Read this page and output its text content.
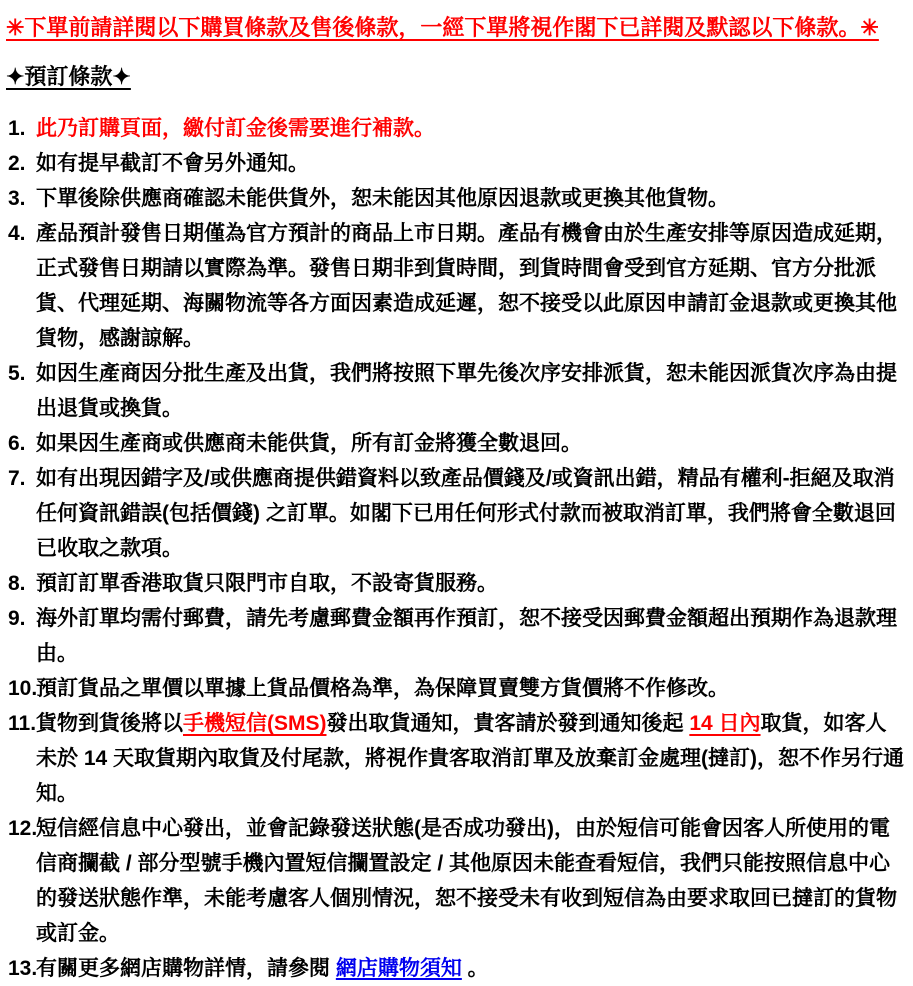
✳下單前請詳閱以下購買條款及售後條款，一經下單將視作閣下已詳閱及默認以下條款。✳
✦預訂條款✦
1. 此乃訂購頁面，繳付訂金後需要進行補款。
2. 如有提早截訂不會另外通知。
3. 下單後除供應商確認未能供貨外，恕未能因其他原因退款或更換其他貨物。
4. 產品預計發售日期僅為官方預計的商品上市日期。產品有機會由於生產安排等原因造成延期，正式發售日期請以實際為準。發售日期非到貨時間，到貨時間會受到官方延期、官方分批派貨、代理延期、海關物流等各方面因素造成延遲，恕不接受以此原因申請訂金退款或更換其他貨物，感謝諒解。
5. 如因生產商因分批生產及出貨，我們將按照下單先後次序安排派貨，恕未能因派貨次序為由提出退貨或換貨。
6. 如果因生產商或供應商未能供貨，所有訂金將獲全數退回。
7. 如有出現因錯字及/或供應商提供錯資料以致產品價錢及/或資訊出錯，精品有權利-拒絕及取消任何資訊錯誤(包括價錢) 之訂單。如閣下已用任何形式付款而被取消訂單，我們將會全數退回已收取之款項。
8. 預訂訂單香港取貨只限門市自取，不設寄貨服務。
9. 海外訂單均需付郵費，請先考慮郵費金額再作預訂，恕不接受因郵費金額超出預期作為退款理由。
10.
預訂貨品之單價以單據上貨品價格為準，為保障買賣雙方貨價將不作修改。
11. 貨物到貨後將以手機短信(SMS)發出取貨通知，貴客請於發到通知後起 14 日內取貨，如客人未於 14 天取貨期內取貨及付尾款，將視作貴客取消訂單及放棄訂金處理(撻訂)，恕不作另行通知。
12.
短信經信息中心發出，並會記錄發送狀態(是否成功發出)，由於短信可能會因客人所使用的電信商攔截 / 部分型號手機內置短信攔置設定 / 其他原因未能查看短信，我們只能按照信息中心的發送狀態作準，未能考慮客人個別情況，恕不接受未有收到短信為由要求取回已撻訂的貨物或訂金。
13.
有關更多網店購物詳情，請參閱 網店購物須知 。
